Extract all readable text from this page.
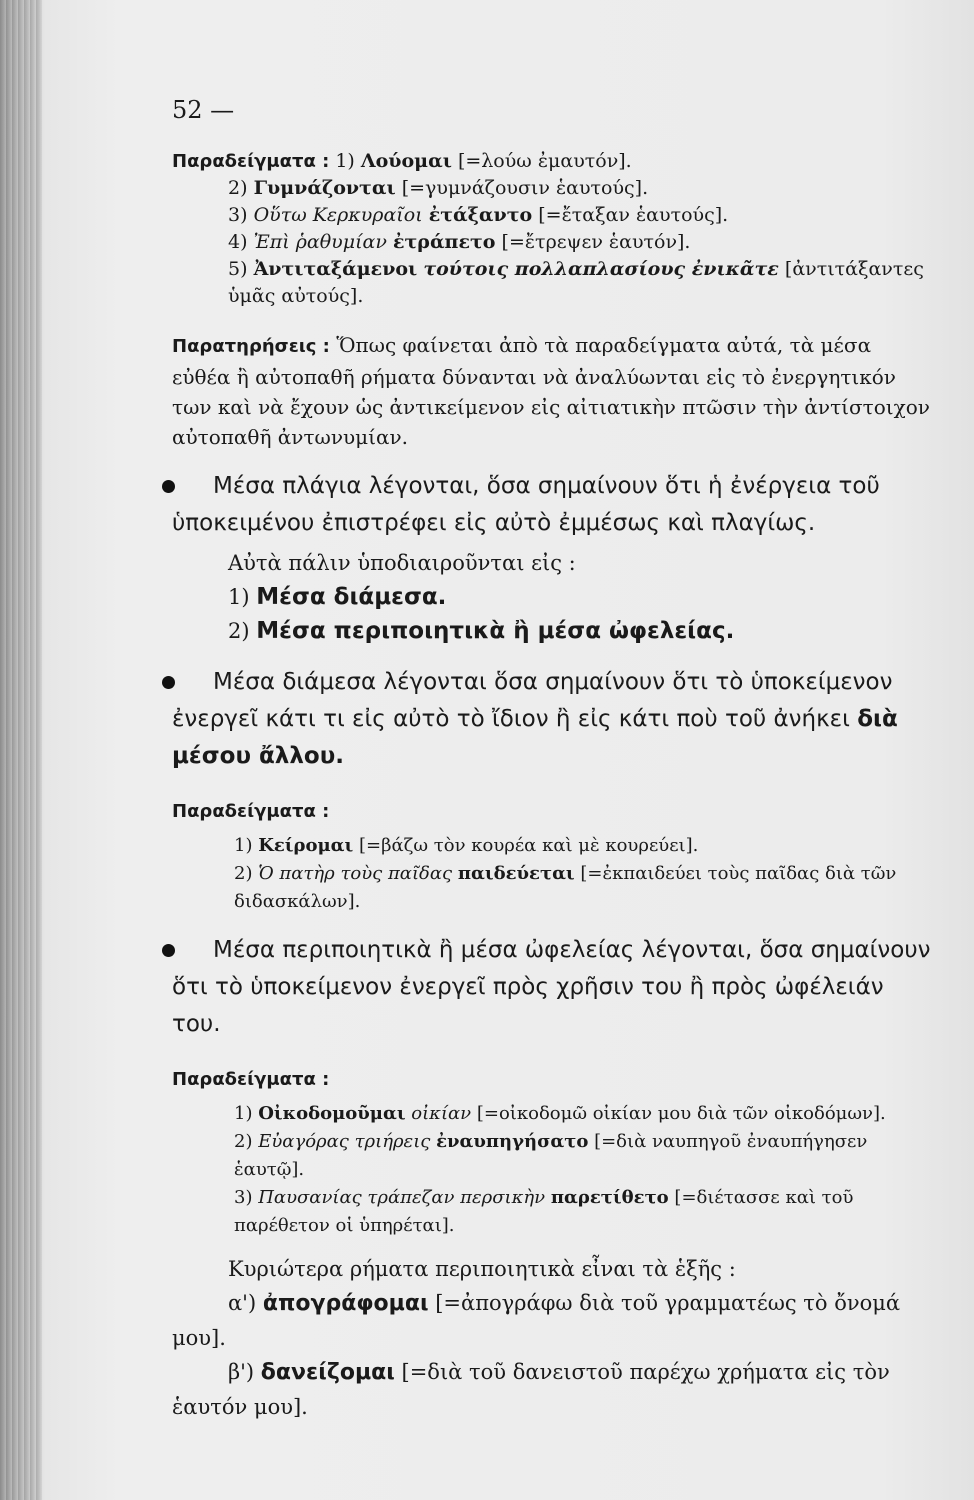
52 —
Παραδείγματα : 1) Λούομαι [=λούω ἐμαυτόν].
2) Γυμνάζονται [=γυμνάζουσιν ἑαυτούς].
3) Οὕτω Κερκυραῖοι ἐτάξαντο [=ἔταξαν ἑαυτούς].
4) Ἐπὶ ῥαθυμίαν ἐτράπετο [=ἔτρεψεν ἑαυτόν].
5) Ἀντιταξάμενοι τούτοις πολλαπλασίους ἐνικᾶτε [ἀντιτάξαντες ὑμᾶς αὐτούς].
Παρατηρήσεις : Ὅπως φαίνεται ἀπὸ τὰ παραδείγματα αὐτά, τὰ μέσα εὐθέα ἢ αὐτοπαθῆ ρήματα δύνανται νὰ ἀναλύωνται εἰς τὸ ἐνεργητικόν των καὶ νὰ ἔχουν ὡς ἀντικείμενον εἰς αἰτιατικὴν πτῶσιν τὴν ἀντίστοιχον αὐτοπαθῆ ἀντωνυμίαν.
Μέσα πλάγια λέγονται, ὅσα σημαίνουν ὅτι ἡ ἐνέργεια τοῦ ὑποκειμένου ἐπιστρέφει εἰς αὐτὸ ἐμμέσως καὶ πλαγίως.
Αὐτὰ πάλιν ὑποδιαιροῦνται εἰς :
1) Μέσα διάμεσα.
2) Μέσα περιποιητικὰ ἢ μέσα ὠφελείας.
Μέσα διάμεσα λέγονται ὅσα σημαίνουν ὅτι τὸ ὑποκείμενον ἐνεργεῖ κάτι τι εἰς αὐτὸ τὸ ἴδιον ἢ εἰς κάτι ποὺ τοῦ ἀνήκει διὰ μέσου ἄλλου.
Παραδείγματα :
1) Κείρομαι [=βάζω τὸν κουρέα καὶ μὲ κουρεύει].
2) Ὁ πατὴρ τοὺς παῖδας παιδεύεται [=ἐκπαιδεύει τοὺς παῖδας διὰ τῶν διδασκάλων].
Μέσα περιποιητικὰ ἢ μέσα ὠφελείας λέγονται, ὅσα σημαίνουν ὅτι τὸ ὑποκείμενον ἐνεργεῖ πρὸς χρῆσιν του ἢ πρὸς ὠφέλειάν του.
Παραδείγματα :
1) Οἰκοδομοῦμαι οἰκίαν [=οἰκοδομῶ οἰκίαν μου διὰ τῶν οἰκοδόμων].
2) Εὐαγόρας τριήρεις ἐναυπηγήσατο [=διὰ ναυπηγοῦ ἐναυπήγησεν ἑαυτῷ].
3) Παυσανίας τράπεζαν περσικὴν παρετίθετο [=διέτασσε καὶ τοῦ παρέθετον οἱ ὑπηρέται].
Κυριώτερα ρήματα περιποιητικὰ εἶναι τὰ ἑξῆς :
α') ἀπογράφομαι [=ἀπογράφω διὰ τοῦ γραμματέως τὸ ὄνομά μου].
β') δανείζομαι [=διὰ τοῦ δανειστοῦ παρέχω χρήματα εἰς τὸν ἑαυτόν μου].
